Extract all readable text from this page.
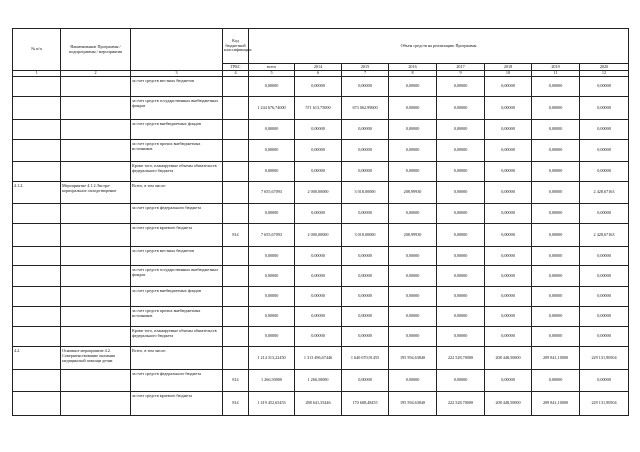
№ п/п	Наименование Программы / подпрограммы / мероприятия		Код бюджетной классификации	Объем средств на реализацию Программы							
			ГРБС	всего	2014	2015	2016	2017	2018	2019	2020
1	2	3	4	5	6	7	8	9	10	11	12
		за счет средств местных бюджетов		0,00000	0,00000	0,00000	0,00000	0,00000	0,00000	0,00000	0,00000
		за счет средств государственных внебюджетных фондов		1 244 676,74000	571 613,75000	673 062,99000	0,00000	0,00000	0,00000	0,00000	0,00000
		за счет средств внебюджетных фондов		0,00000	0,00000	0,00000	0,00000	0,00000	0,00000	0,00000	0,00000
		за счет средств прочих внебюджетных источников		0,00000	0,00000	0,00000	0,00000	0,00000	0,00000	0,00000	0,00000
		Кроме того, планируемые объемы обязательств федерального бюджета		0,00000	0,00000	0,00000	0,00000	0,00000	0,00000	0,00000	0,00000
4.1.2.	Мероприятие 4.1.2.Экстра-корпоральное оплодотворение	Всего, в том числе:		7 655,67093	2 000,00000	3 018,00000	208,99930	0,00000	0,00000	0,00000	2 428,67163
		за счет средств федерального бюджета		0,00000	0,00000	0,00000	0,00000	0,00000	0,00000	0,00000	0,00000
		за счет средств краевого бюджета	814	7 655,67093	2 000,00000	3 018,00000	208,99930	0,00000	0,00000	0,00000	2 428,67163
		за счет средств местных бюджетов		0,00000	0,00000	0,00000	0,00000	0,00000	0,00000	0,00000	0,00000
		за счет средств государственных внебюджетных фондов		0,00000	0,00000	0,00000	0,00000	0,00000	0,00000	0,00000	0,00000
		за счет средств внебюджетных фондов		0,00000	0,00000	0,00000	0,00000	0,00000	0,00000	0,00000	0,00000
		за счет средств прочих внебюджетных источников		0,00000	0,00000	0,00000	0,00000	0,00000	0,00000	0,00000	0,00000
		Кроме того, планируемые объемы обязательств федерального бюджета		0,00000	0,00000	0,00000	0,00000	0,00000	0,00000	0,00000	0,00000
4.2.	Основное мероприятие 4.2. Совершенствование оказания медицинской помощи детям	Всего, в том числе:		1 214 313,22450	1 313 496,67446	1 640 670,91455	195 594,63840	222 528,70000	208 448,50000	209 841,10000	229 131,90504
		за счет средств федерального бюджета	814	1 266,50000	1 266,50000	0,00000	0,00000	0,00000	0,00000	0,00000	0,00000
		за счет средств краевого бюджета	814	1 419 452,65453	288 641,35446	170 608,48455	195 594,63840	222 528,70000	208 448,50000	209 841,10000	229 131,90504
